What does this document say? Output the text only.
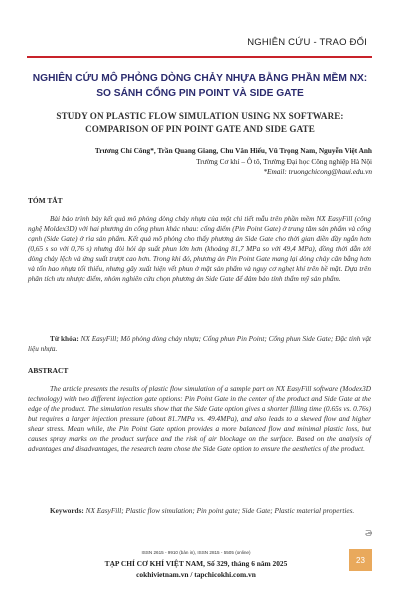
NGHIÊN CỨU - TRAO ĐỔI
NGHIÊN CỨU MÔ PHỎNG DÒNG CHẢY NHỰA BẰNG PHẦN MỀM NX: SO SÁNH CỔNG PIN POINT VÀ SIDE GATE
STUDY ON PLASTIC FLOW SIMULATION USING NX SOFTWARE: COMPARISON OF PIN POINT GATE AND SIDE GATE
Trương Chí Công*, Trần Quang Giang, Chu Văn Hiếu, Vũ Trọng Nam, Nguyễn Việt Anh
Trường Cơ khí – Ô tô, Trường Đại học Công nghiệp Hà Nội
*Email: truongchicong@haui.edu.vn
TÓM TẮT

Bài báo trình bày kết quả mô phỏng dòng chảy nhựa của một chi tiết mẫu trên phần mềm NX EasyFill (công nghệ Moldex3D) với hai phương án cổng phun khác nhau: cổng điểm (Pin Point Gate) ở trung tâm sản phẩm và cổng cạnh (Side Gate) ở rìa sản phẩm. Kết quả mô phỏng cho thấy phương án Side Gate cho thời gian điền đầy ngắn hơn (0,65 s so với 0,76 s) nhưng đòi hỏi áp suất phun lớn hơn (khoảng 81,7 MPa so với 49,4 MPa), đồng thời dẫn tới dòng chảy lệch và ứng suất trượt cao hơn. Trong khi đó, phương án Pin Point Gate mang lại dòng chảy cân bằng hơn và tổn hao nhựa tối thiểu, nhưng gây xuất hiện vết phun ở mặt sản phẩm và nguy cơ nghẹt khí trên bề mặt. Dựa trên phân tích ưu nhược điểm, nhóm nghiên cứu chọn phương án Side Gate để đảm bảo tính thẩm mỹ sản phẩm.

Từ khóa: NX EasyFill; Mô phỏng dòng chảy nhựa; Cổng phun Pin Point; Cổng phun Side Gate; Đặc tính vật liệu nhựa.

ABSTRACT

The article presents the results of plastic flow simulation of a sample part on NX EasyFill software (Modex3D technology) with two different injection gate options: Pin Point Gate in the center of the product and Side Gate at the edge of the product. The simulation results show that the Side Gate option gives a shorter filling time (0.65s vs. 0.76s) but requires a larger injection pressure (about 81.7MPa vs. 49.4MPa), and also leads to a skewed flow and higher shear stress. Mean while, the Pin Point Gate option provides a more balanced flow and minimal plastic loss, but causes spray marks on the product surface and the risk of air blockage on the surface. Based on the analysis of advantages and disadvantages, the research team chose the Side Gate option to ensure the aesthetics of the product.

Keywords: NX EasyFill; Plastic flow simulation; Pin point gate; Side Gate; Plastic material properties.

ISSN 2615 - 9910 (bản in), ISSN 2815 - 5505 (online)
TẠP CHÍ CƠ KHÍ VIỆT NAM, Số 329, tháng 6 năm 2025
cokhivietnam.vn / tapchicokhi.com.vn
23
